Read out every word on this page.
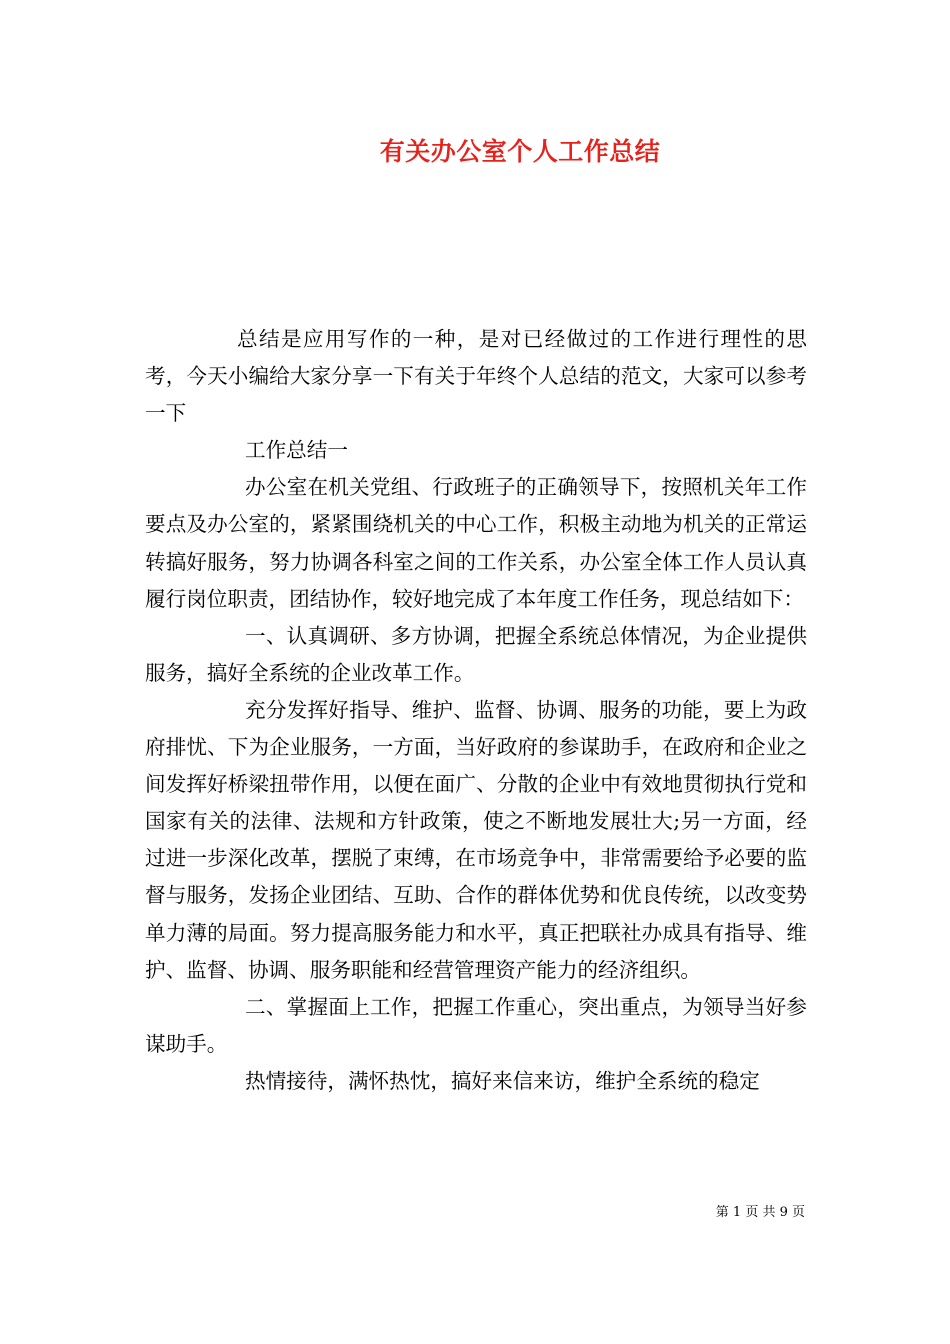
有关办公室个人工作总结

总结是应用写作的一种，是对已经做过的工作进行理性的思考，今天小编给大家分享一下有关于年终个人总结的范文，大家可以参考一下

工作总结一

办公室在机关党组、行政班子的正确领导下，按照机关年工作要点及办公室的，紧紧围绕机关的中心工作，积极主动地为机关的正常运转搞好服务，努力协调各科室之间的工作关系，办公室全体工作人员认真履行岗位职责，团结协作，较好地完成了本年度工作任务，现总结如下：

一、认真调研、多方协调，把握全系统总体情况，为企业提供服务，搞好全系统的企业改革工作。

充分发挥好指导、维护、监督、协调、服务的功能，要上为政府排忧、下为企业服务，一方面，当好政府的参谋助手，在政府和企业之间发挥好桥梁扭带作用，以便在面广、分散的企业中有效地贯彻执行党和国家有关的法律、法规和方针政策，使之不断地发展壮大;另一方面，经过进一步深化改革，摆脱了束缚，在市场竞争中，非常需要给予必要的监督与服务，发扬企业团结、互助、合作的群体优势和优良传统，以改变势单力薄的局面。努力提高服务能力和水平，真正把联社办成具有指导、维护、监督、协调、服务职能和经营管理资产能力的经济组织。

二、掌握面上工作，把握工作重心，突出重点，为领导当好参谋助手。

热情接待，满怀热忱，搞好来信来访，维护全系统的稳定

第 1 页 共 9 页
